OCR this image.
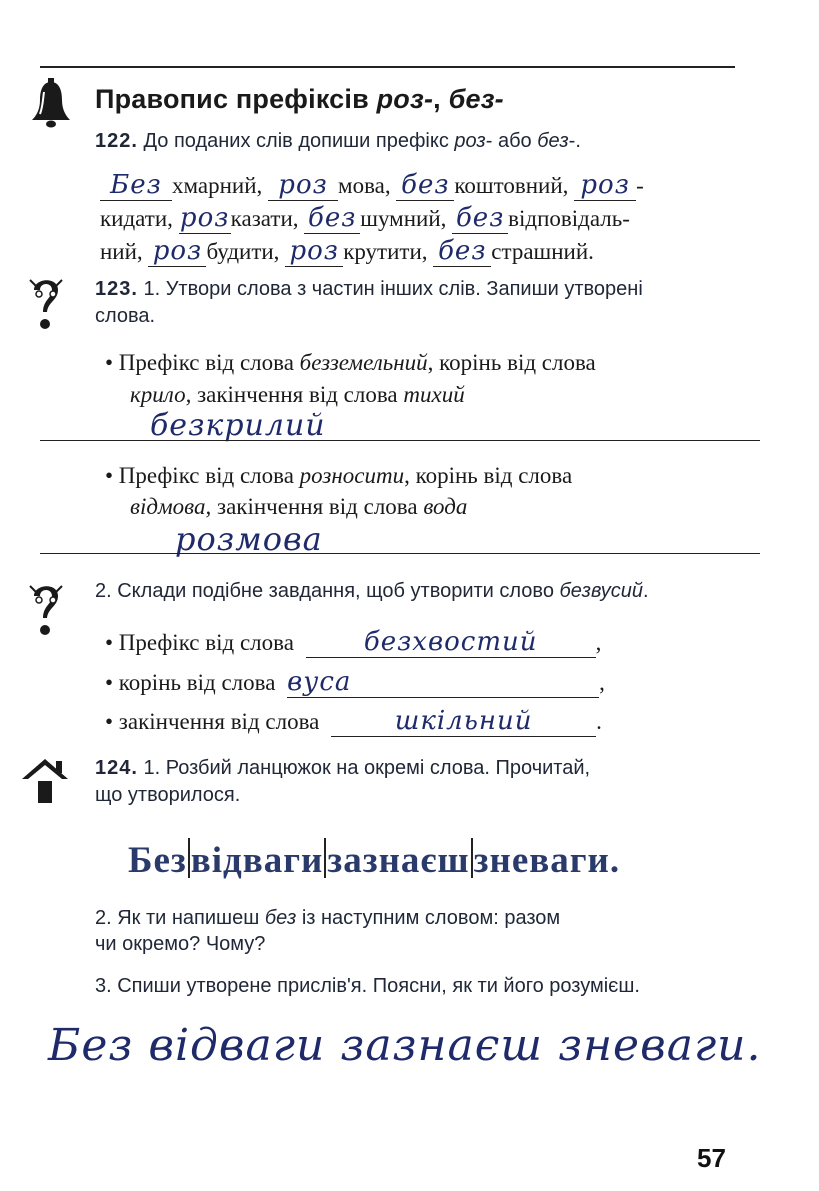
Правопис префіксів роз-, без-
122. До поданих слів допиши префікс роз- або без-.
Без хмарний, роз мова, без коштовний, роз -
кидати, розказати, без шумний, без відповідаль-
ний, роз будити, роз крутити, без страшний.
123. 1. Утвори слова з частин інших слів. Запиши утворені
слова.
• Префікс від слова безземельний, корінь від слова
крило, закінчення від слова тихий
безкрилий
• Префікс від слова розносити, корінь від слова
відмова, закінчення від слова вода
розмова
2. Склади подібне завдання, щоб утворити слово безвусий.
• Префікс від слова	безхвостий	,
• корінь від слова вуса	,
• закінчення від слова	шкільний	.
124. 1. Розбий ланцюжок на окремі слова. Прочитай,
що утворилося.
Без відваги зазнаєш зневаги.
2. Як ти напишеш без із наступним словом: разом
чи окремо? Чому?
3. Спиши утворене прислів'я. Поясни, як ти його розумієш.
Без відваги зазнаєш зневаги.
57
